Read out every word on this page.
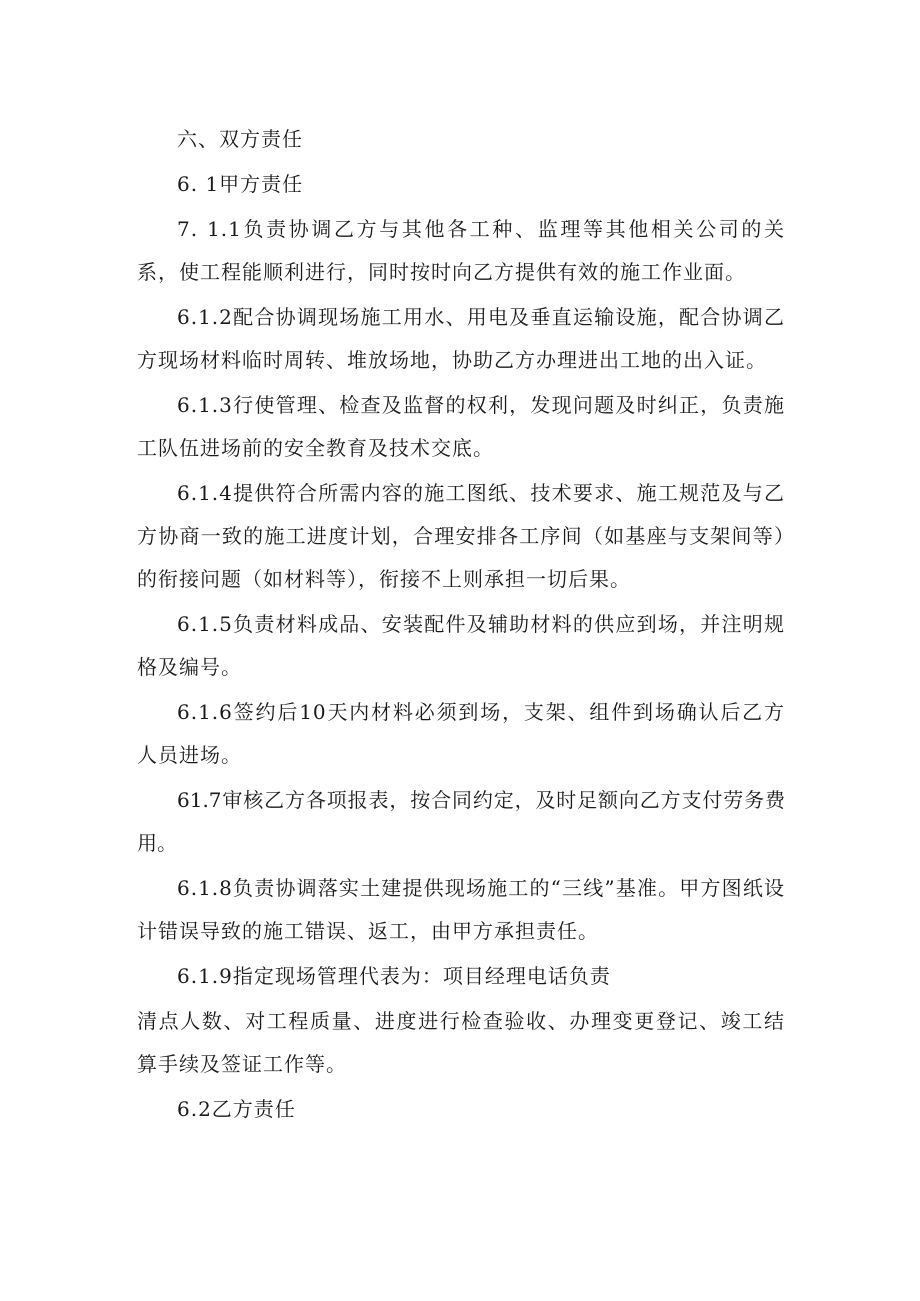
六、双方责任

6. 1甲方责任

7. 1.1负责协调乙方与其他各工种、监理等其他相关公司的关系，使工程能顺利进行，同时按时向乙方提供有效的施工作业面。

6.1.2配合协调现场施工用水、用电及垂直运输设施，配合协调乙方现场材料临时周转、堆放场地，协助乙方办理进出工地的出入证。

6.1.3行使管理、检查及监督的权利，发现问题及时纠正，负责施工队伍进场前的安全教育及技术交底。

6.1.4提供符合所需内容的施工图纸、技术要求、施工规范及与乙方协商一致的施工进度计划，合理安排各工序间（如基座与支架间等）的衔接问题（如材料等），衔接不上则承担一切后果。

6.1.5负责材料成品、安装配件及辅助材料的供应到场，并注明规格及编号。

6.1.6签约后10天内材料必须到场，支架、组件到场确认后乙方人员进场。

61.7审核乙方各项报表，按合同约定，及时足额向乙方支付劳务费用。

6.1.8负责协调落实土建提供现场施工的“三线”基准。甲方图纸设计错误导致的施工错误、返工，由甲方承担责任。

6.1.9指定现场管理代表为：项目经理电话负责

清点人数、对工程质量、进度进行检查验收、办理变更登记、竣工结算手续及签证工作等。

6.2乙方责任
